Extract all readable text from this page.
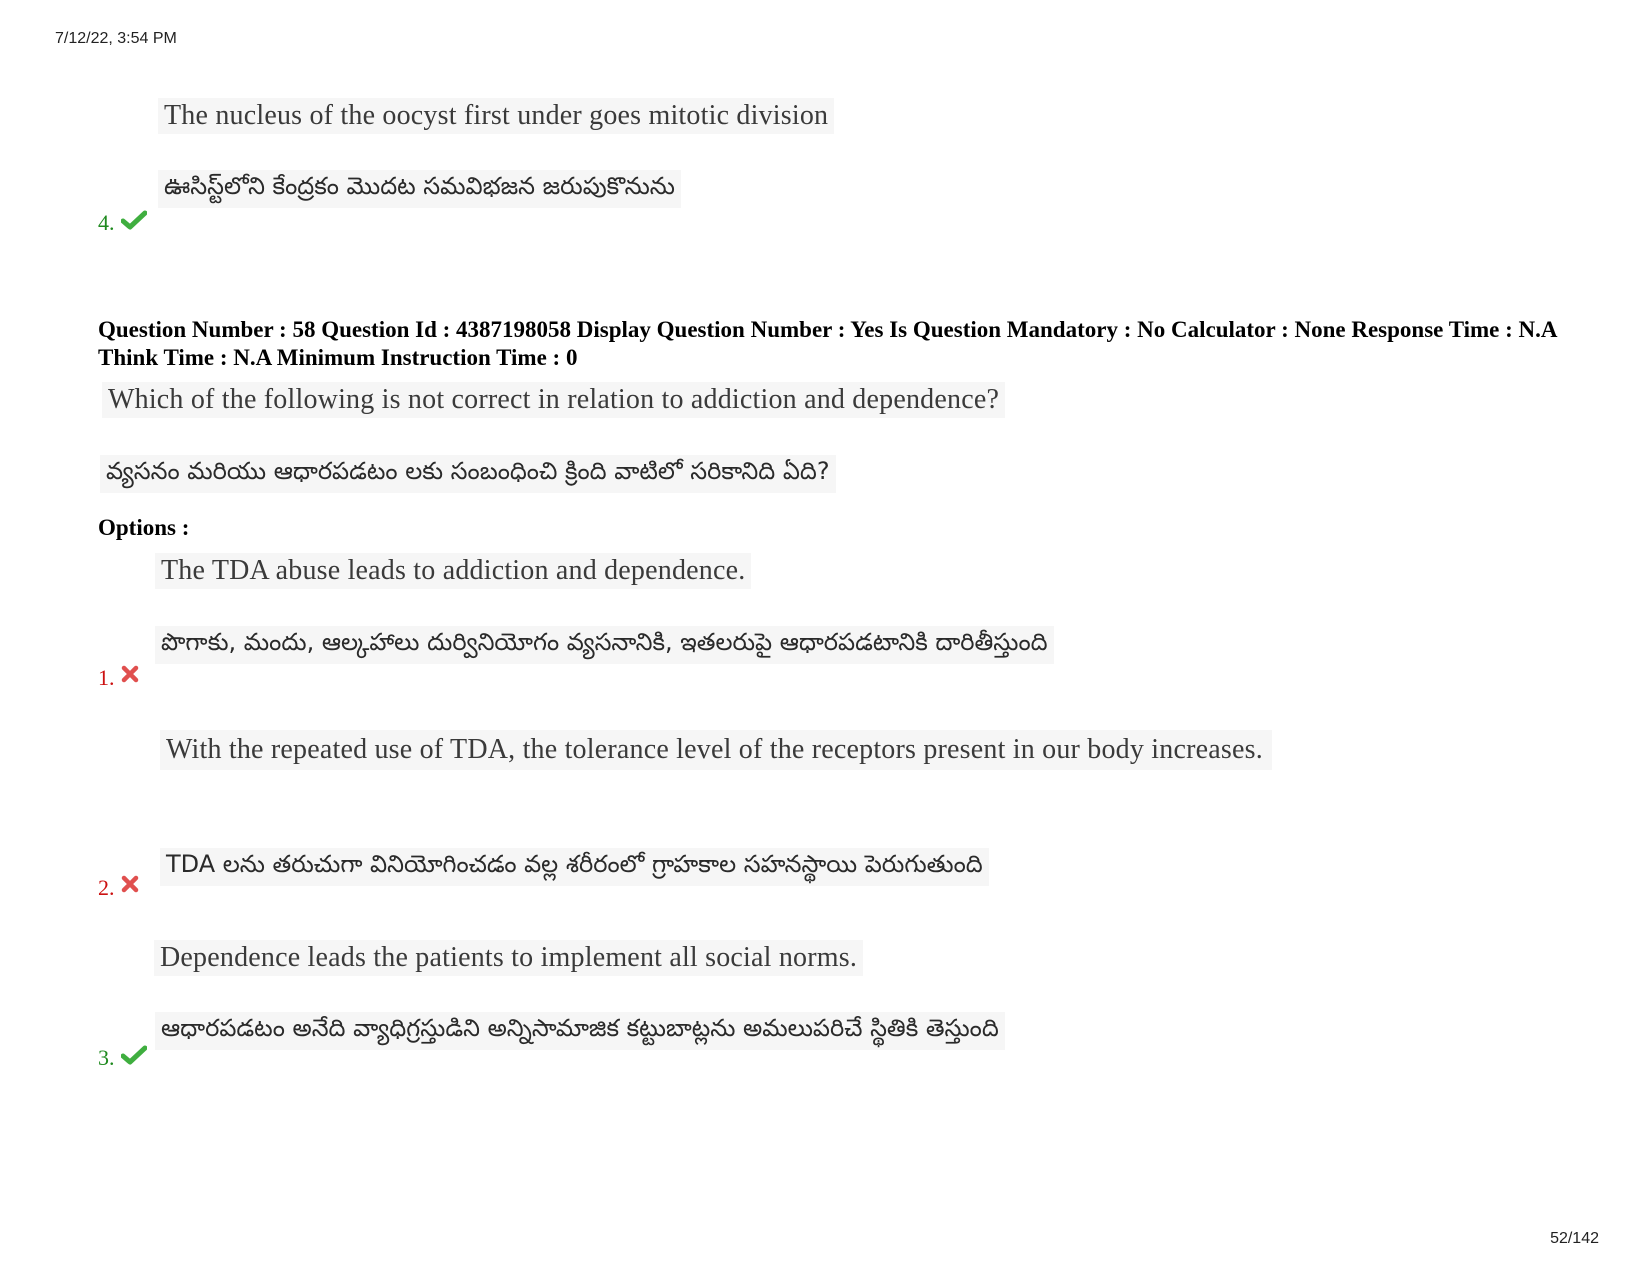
7/12/22, 3:54 PM
The nucleus of the oocyst first under goes mitotic division
ఊసిస్ట్‌లోని కేంద్రకం మొదట సమవిభజన జరుపుకొనును
4.
Question Number : 58 Question Id : 4387198058 Display Question Number : Yes Is Question Mandatory : No Calculator : None Response Time : N.A Think Time : N.A Minimum Instruction Time : 0
Which of the following is not correct in relation to addiction and dependence?
వ్యసనం మరియు ఆధారపడటం లకు సంబంధించి క్రింది వాటిలో సరికానిది ఏది?
Options :
The TDA abuse leads to addiction and dependence.
పొగాకు, మందు, ఆల్కహాలు దుర్వినియోగం వ్యసనానికి, ఇతలరుపై ఆధారపడటానికి దారితీస్తుంది
1.
With the repeated use of TDA, the tolerance level of the receptors present in our body increases.
TDA లను తరుచుగా వినియోగించడం వల్ల శరీరంలో గ్రాహకాల సహనస్థాయి పెరుగుతుంది
2.
Dependence leads the patients to implement all social norms.
ఆధారపడటం అనేది వ్యాధిగ్రస్తుడిని అన్నిసామాజిక కట్టుబాట్లను అమలుపరిచే స్థితికి తెస్తుంది
3.
52/142
